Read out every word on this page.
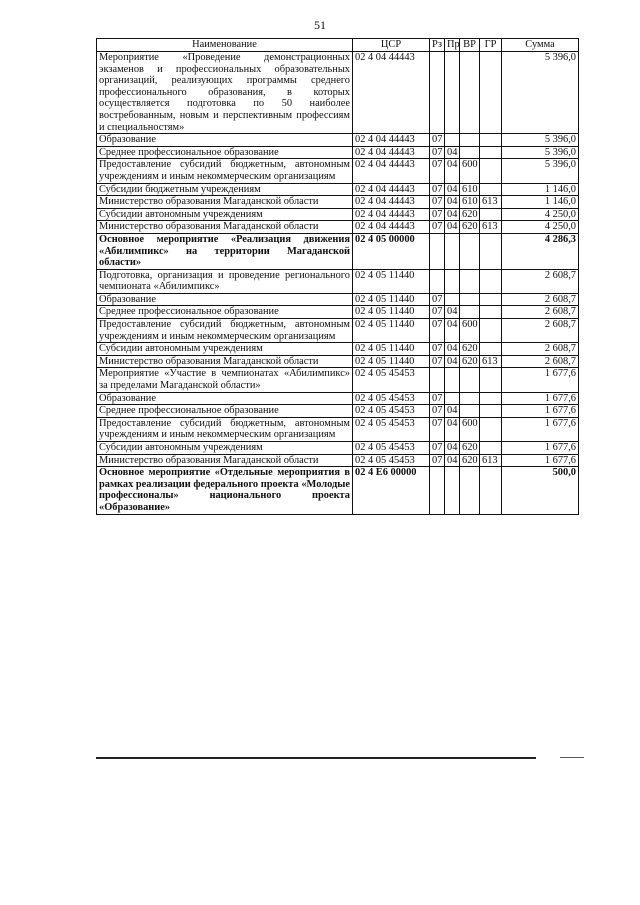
51
Наименование	ЦСР	Рз	Пр	ВР	ГР	Сумма
Мероприятие «Проведение демонстрационных экзаменов и профессиональных образовательных организаций, реализующих программы среднего профессионального образования, в которых осуществляется подготовка по 50 наиболее востребованным, новым и перспективным профессиям и специальностям»	02 4 04 44443					5 396,0
Образование	02 4 04 44443	07				5 396,0
Среднее профессиональное образование	02 4 04 44443	07	04			5 396,0
Предоставление субсидий бюджетным, автономным учреждениям и иным некоммерческим организациям	02 4 04 44443	07	04	600		5 396,0
Субсидии бюджетным учреждениям	02 4 04 44443	07	04	610		1 146,0
Министерство образования Магаданской области	02 4 04 44443	07	04	610	613	1 146,0
Субсидии автономным учреждениям	02 4 04 44443	07	04	620		4 250,0
Министерство образования Магаданской области	02 4 04 44443	07	04	620	613	4 250,0
Основное мероприятие «Реализация движения «Абилимпикс» на территории Магаданской области»	02 4 05 00000					4 286,3
Подготовка, организация и проведение регионального чемпионата «Абилимпикс»	02 4 05 11440					2 608,7
Образование	02 4 05 11440	07				2 608,7
Среднее профессиональное образование	02 4 05 11440	07	04			2 608,7
Предоставление субсидий бюджетным, автономным учреждениям и иным некоммерческим организациям	02 4 05 11440	07	04	600		2 608,7
Субсидии автономным учреждениям	02 4 05 11440	07	04	620		2 608,7
Министерство образования Магаданской области	02 4 05 11440	07	04	620	613	2 608,7
Мероприятие «Участие в чемпионатах «Абилимпикс» за пределами Магаданской области»	02 4 05 45453					1 677,6
Образование	02 4 05 45453	07				1 677,6
Среднее профессиональное образование	02 4 05 45453	07	04			1 677,6
Предоставление субсидий бюджетным, автономным учреждениям и иным некоммерческим организациям	02 4 05 45453	07	04	600		1 677,6
Субсидии автономным учреждениям	02 4 05 45453	07	04	620		1 677,6
Министерство образования Магаданской области	02 4 05 45453	07	04	620	613	1 677,6
Основное мероприятие «Отдельные мероприятия в рамках реализации федерального проекта «Молодые профессионалы» национального проекта «Образование»	02 4 E6 00000					500,0
